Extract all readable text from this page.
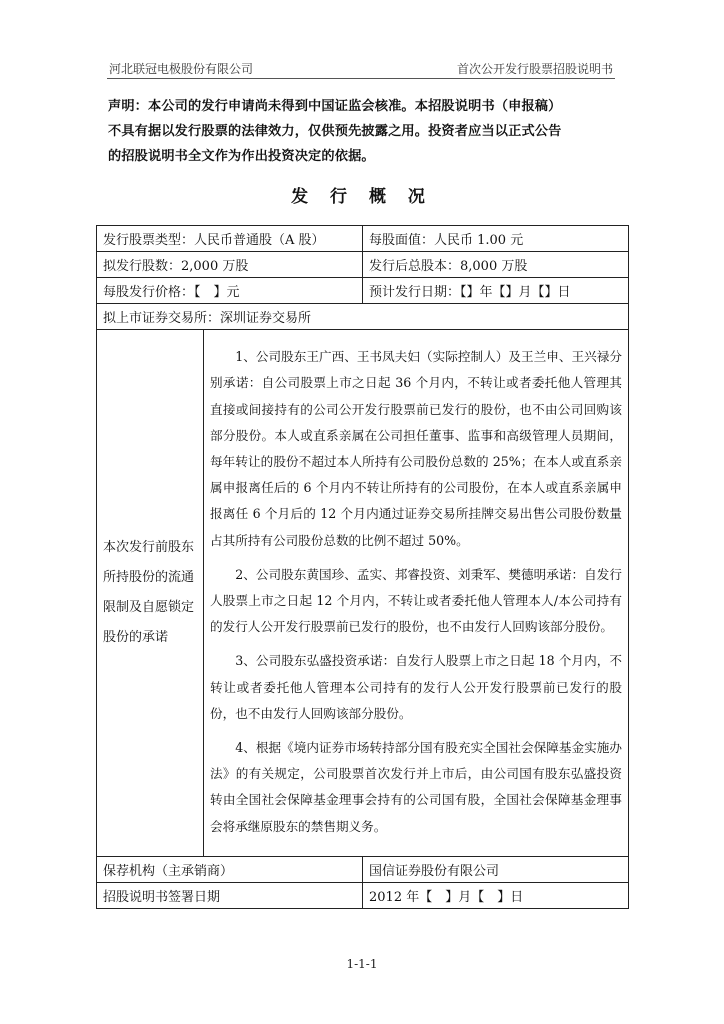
河北联冠电极股份有限公司	首次公开发行股票招股说明书
声明：本公司的发行申请尚未得到中国证监会核准。本招股说明书（申报稿）
不具有据以发行股票的法律效力，仅供预先披露之用。投资者应当以正式公告
的招股说明书全文作为作出投资决定的依据。
发 行 概 况
发行股票类型：人民币普通股（A 股）		每股面值：人民币 1.00 元
拟发行股数：2,000 万股		发行后总股本：8,000 万股
每股发行价格：【　】元		预计发行日期：【】年【】月【】日
拟上市证券交易所：深圳证券交易所		
本次发行前股东所持股份的流通限制及自愿锁定股份的承诺	1、公司股东王广西、王书凤夫妇（实际控制人）及王兰申、王兴禄分别承诺：自公司股票上市之日起 36 个月内，不转让或者委托他人管理其直接或间接持有的公司公开发行股票前已发行的股份，也不由公司回购该部分股份。本人或直系亲属在公司担任董事、监事和高级管理人员期间，每年转让的股份不超过本人所持有公司股份总数的 25%；在本人或直系亲属申报离任后的 6 个月内不转让所持有的公司股份，在本人或直系亲属申报离任 6 个月后的 12 个月内通过证券交易所挂牌交易出售公司股份数量占其所持有公司股份总数的比例不超过 50%。

2、公司股东黄国珍、孟实、邦睿投资、刘秉军、樊德明承诺：自发行人股票上市之日起 12 个月内，不转让或者委托他人管理本人/本公司持有的发行人公开发行股票前已发行的股份，也不由发行人回购该部分股份。

3、公司股东弘盛投资承诺：自发行人股票上市之日起 18 个月内，不转让或者委托他人管理本公司持有的发行人公开发行股票前已发行的股份，也不由发行人回购该部分股份。

4、根据《境内证券市场转持部分国有股充实全国社会保障基金实施办法》的有关规定，公司股票首次发行并上市后，由公司国有股东弘盛投资转由全国社会保障基金理事会持有的公司国有股，全国社会保障基金理事会将承继原股东的禁售期义务。	

保荐机构（主承销商）		国信证券股份有限公司
招股说明书签署日期		2012 年【　】月【　】日
1-1-1
